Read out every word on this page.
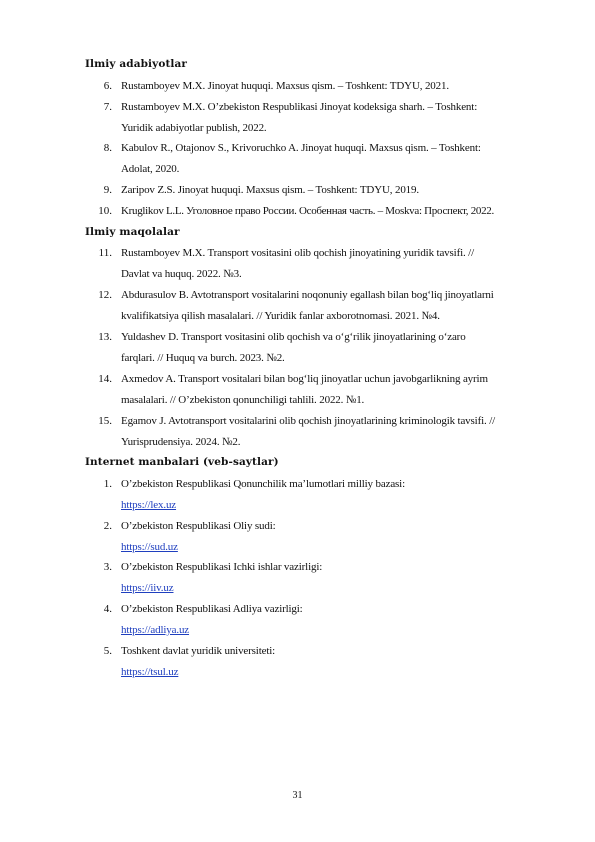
Ilmiy adabiyotlar
6. Rustamboyev M.X. Jinoyat huquqi. Maxsus qism. – Toshkent: TDYU, 2021.
7. Rustamboyev M.X. O’zbekiston Respublikasi Jinoyat kodeksiga sharh. – Toshkent:
Yuridik adabiyotlar publish, 2022.
8. Kabulov R., Otajonov S., Krivoruchko A. Jinoyat huquqi. Maxsus qism. – Toshkent:
Adolat, 2020.
9. Zaripov Z.S. Jinoyat huquqi. Maxsus qism. – Toshkent: TDYU, 2019.
10. Kruglikov L.L. Уголовное право России. Особенная часть. – Moskva: Проспект, 2022.
Ilmiy maqolalar
11. Rustamboyev M.X. Transport vositasini olib qochish jinoyatining yuridik tavsifi. //
Davlat va huquq. 2022. №3.
12. Abdurasulov B. Avtotransport vositalarini noqonuniy egallash bilan bog‘liq jinoyatlarni
kvalifikatsiya qilish masalalari. // Yuridik fanlar axborotnomasi. 2021. №4.
13. Yuldashev D. Transport vositasini olib qochish va o‘g‘rilik jinoyatlarining o‘zaro
farqlari. // Huquq va burch. 2023. №2.
14. Axmedov A. Transport vositalari bilan bog‘liq jinoyatlar uchun javobgarlikning ayrim
masalalari. // O’zbekiston qonunchiligi tahlili. 2022. №1.
15. Egamov J. Avtotransport vositalarini olib qochish jinoyatlarining kriminologik tavsifi. //
Yurisprudensiya. 2024. №2.
Internet manbalari (veb-saytlar)
1. O’zbekiston Respublikasi Qonunchilik ma’lumotlari milliy bazasi:
https://lex.uz
2. O’zbekiston Respublikasi Oliy sudi:
https://sud.uz
3. O’zbekiston Respublikasi Ichki ishlar vazirligi:
https://iiv.uz
4. O’zbekiston Respublikasi Adliya vazirligi:
https://adliya.uz
5. Toshkent davlat yuridik universiteti:
https://tsul.uz
31
